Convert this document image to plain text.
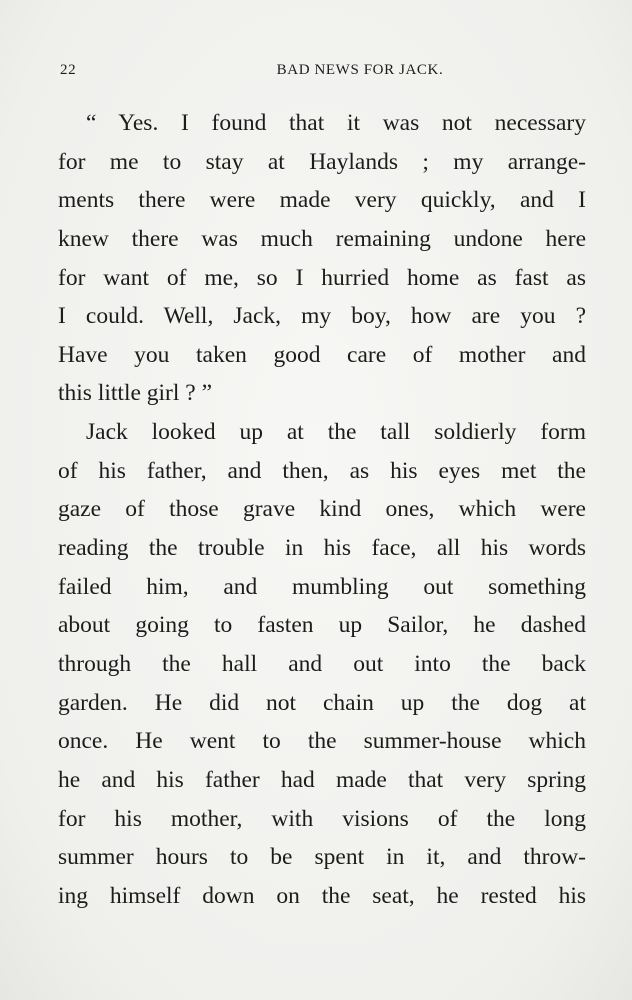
22	BAD NEWS FOR JACK.
“ Yes. I found that it was not necessary
for me to stay at Haylands ; my arrange-
ments there were made very quickly, and I
knew there was much remaining undone here
for want of me, so I hurried home as fast as
I could. Well, Jack, my boy, how are you ?
Have you taken good care of mother and
this little girl ? ”
Jack looked up at the tall soldierly form
of his father, and then, as his eyes met the
gaze of those grave kind ones, which were
reading the trouble in his face, all his words
failed him, and mumbling out something
about going to fasten up Sailor, he dashed
through the hall and out into the back
garden. He did not chain up the dog at
once. He went to the summer-house which
he and his father had made that very spring
for his mother, with visions of the long
summer hours to be spent in it, and throw-
ing himself down on the seat, he rested his
